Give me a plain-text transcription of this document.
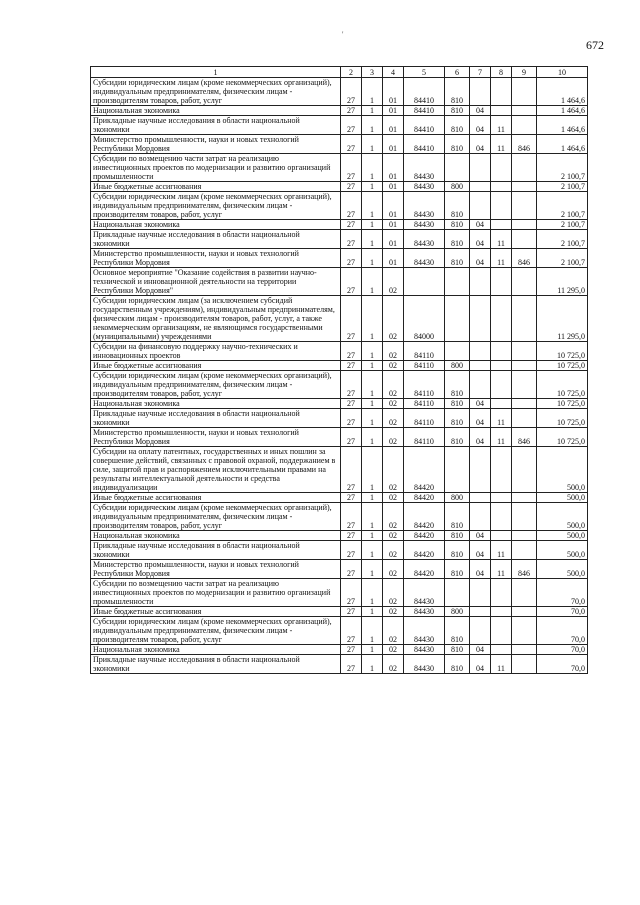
'
672
1	2	3	4	5	6	7	8	9	10
Субсидии юридическим лицам (кроме некоммерческих организаций), индивидуальным предпринимателям, физическим лицам - производителям товаров, работ, услуг	27	1	01	84410	810				1 464,6
Национальная экономика	27	1	01	84410	810	04			1 464,6
Прикладные научные исследования в области национальной экономики	27	1	01	84410	810	04	11		1 464,6
Министерство промышленности, науки и новых технологий Республики Мордовия	27	1	01	84410	810	04	11	846	1 464,6
Субсидии по возмещению части затрат на реализацию инвестиционных проектов по модернизации и развитию организаций промышленности	27	1	01	84430					2 100,7
Иные бюджетные ассигнования	27	1	01	84430	800				2 100,7
Субсидии юридическим лицам (кроме некоммерческих организаций), индивидуальным предпринимателям, физическим лицам - производителям товаров, работ, услуг	27	1	01	84430	810				2 100,7
Национальная экономика	27	1	01	84430	810	04			2 100,7
Прикладные научные исследования в области национальной экономики	27	1	01	84430	810	04	11		2 100,7
Министерство промышленности, науки и новых технологий Республики Мордовия	27	1	01	84430	810	04	11	846	2 100,7
Основное мероприятие "Оказание содействия в развитии научно-технической и инновационной деятельности на территории Республики Мордовия"	27	1	02						11 295,0
Субсидии юридическим лицам (за исключением субсидий государственным учреждениям), индивидуальным предпринимателям, физическим лицам - производителям товаров, работ, услуг, а также некоммерческим организациям, не являющимся государственными (муниципальными) учреждениями	27	1	02	84000					11 295,0
Субсидии на финансовую поддержку научно-технических и инновационных проектов	27	1	02	84110					10 725,0
Иные бюджетные ассигнования	27	1	02	84110	800				10 725,0
Субсидии юридическим лицам (кроме некоммерческих организаций), индивидуальным предпринимателям, физическим лицам - производителям товаров, работ, услуг	27	1	02	84110	810				10 725,0
Национальная экономика	27	1	02	84110	810	04			10 725,0
Прикладные научные исследования в области национальной экономики	27	1	02	84110	810	04	11		10 725,0
Министерство промышленности, науки и новых технологий Республики Мордовия	27	1	02	84110	810	04	11	846	10 725,0
Субсидии на оплату патентных, государственных и иных пошлин за совершение действий, связанных с правовой охраной, поддержанием в силе, защитой прав и распоряжением исключительными правами на результаты интеллектуальной деятельности и средства индивидуализации	27	1	02	84420					500,0
Иные бюджетные ассигнования	27	1	02	84420	800				500,0
Субсидии юридическим лицам (кроме некоммерческих организаций), индивидуальным предпринимателям, физическим лицам - производителям товаров, работ, услуг	27	1	02	84420	810				500,0
Национальная экономика	27	1	02	84420	810	04			500,0
Прикладные научные исследования в области национальной экономики	27	1	02	84420	810	04	11		500,0
Министерство промышленности, науки и новых технологий Республики Мордовия	27	1	02	84420	810	04	11	846	500,0
Субсидии по возмещению части затрат на реализацию инвестиционных проектов по модернизации и развитию организаций промышленности	27	1	02	84430					70,0
Иные бюджетные ассигнования	27	1	02	84430	800				70,0
Субсидии юридическим лицам (кроме некоммерческих организаций), индивидуальным предпринимателям, физическим лицам - производителям товаров, работ, услуг	27	1	02	84430	810				70,0
Национальная экономика	27	1	02	84430	810	04			70,0
Прикладные научные исследования в области национальной экономики	27	1	02	84430	810	04	11		70,0
